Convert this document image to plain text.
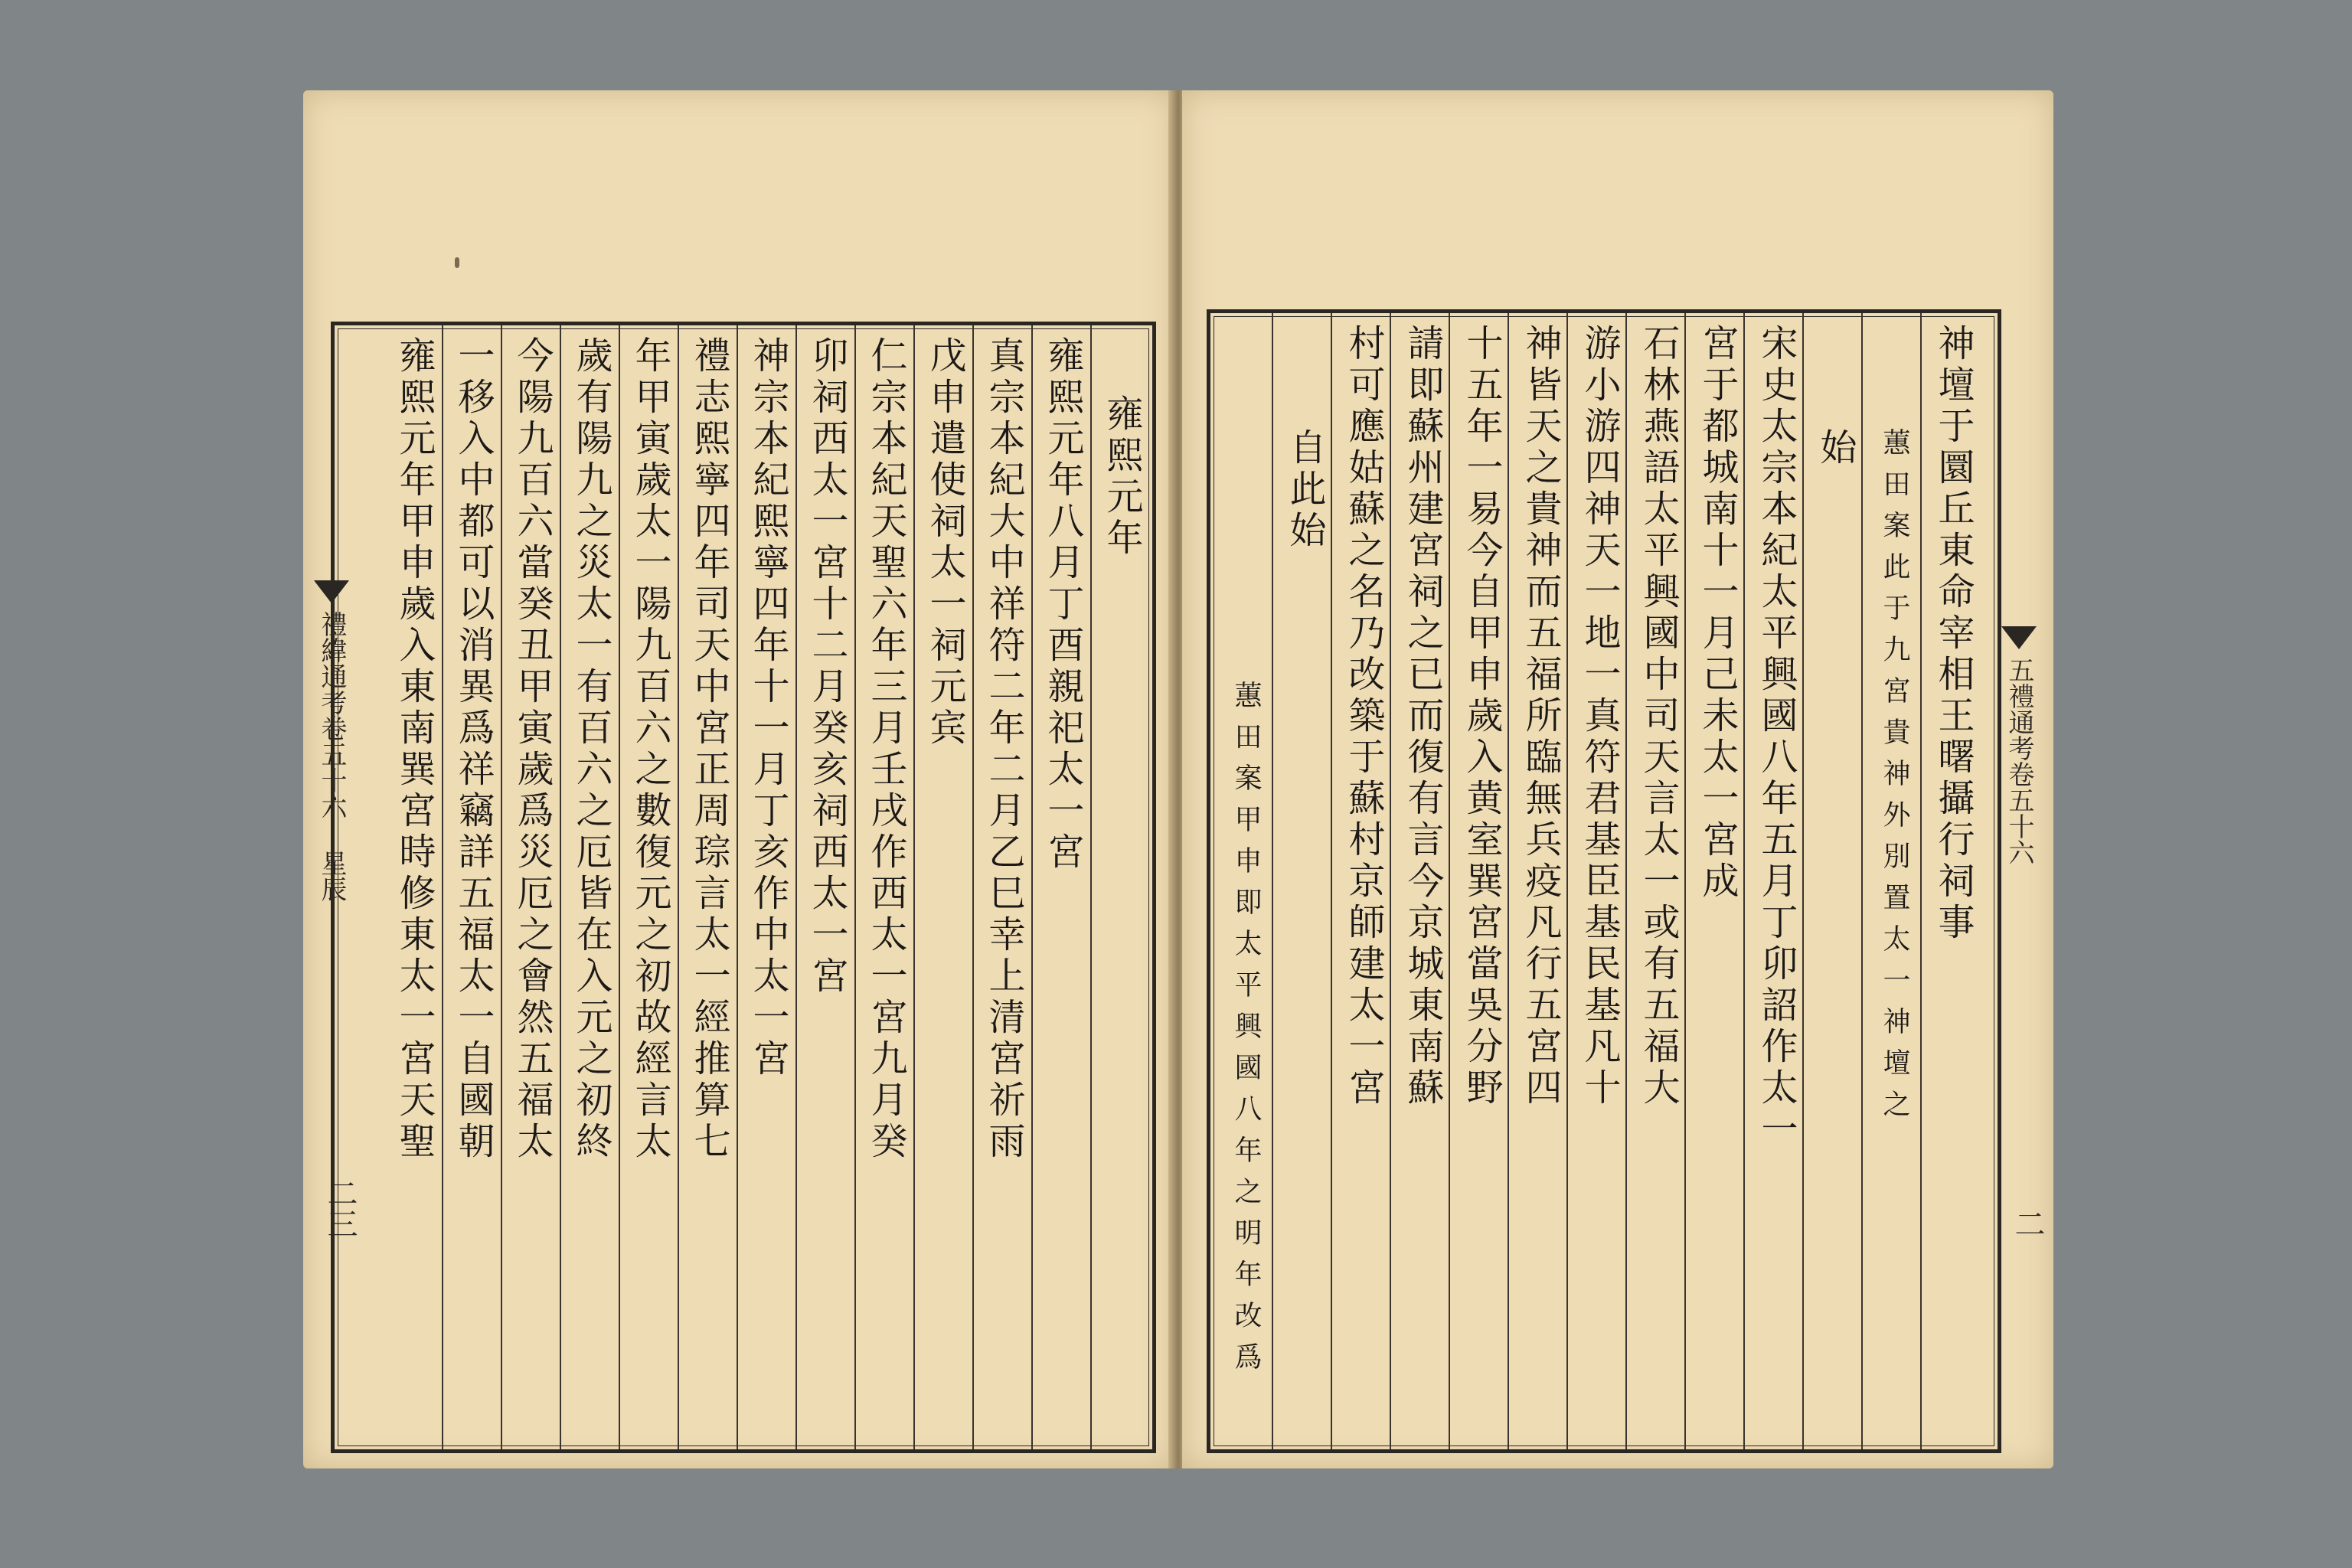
雍熙元年
雍熙元年八月丁酉親祀太一宮
真宗本紀大中祥符二年二月乙巳幸上清宮祈雨
戊申遣使祠太一祠元宾
仁宗本紀天聖六年三月壬戌作西太一宮九月癸
卯祠西太一宮十二月癸亥祠西太一宮
神宗本紀熙寧四年十一月丁亥作中太一宮
禮志熙寧四年司天中宮正周琮言太一經推算七
年甲寅歲太一陽九百六之數復元之初故經言太
歲有陽九之災太一有百六之厄皆在入元之初終
今陽九百六當癸丑甲寅歲爲災厄之會然五福太
一移入中都可以消異爲祥竊詳五福太一自國朝
雍熙元年甲申歲入東南巽宮時修東太一宮天聖
禮緯通考卷五十六 星辰
二三
神壇于圜丘東命宰相王曙攝行祠事
蕙田案此于九宮貴神外別置太一神壇之
始
宋史太宗本紀太平興國八年五月丁卯詔作太一
宮于都城南十一月己未太一宮成
石林燕語太平興國中司天言太一或有五福大
游小游四神天一地一真符君基臣基民基凡十
神皆天之貴神而五福所臨無兵疫凡行五宮四
十五年一易今自甲申歲入黄室巽宮當吳分野
請即蘇州建宮祠之已而復有言今京城東南蘇
村可應姑蘇之名乃改築于蘇村京師建太一宮
自此始
蕙田案甲申即太平興國八年之明年改爲	五禮通考卷五十六
二
